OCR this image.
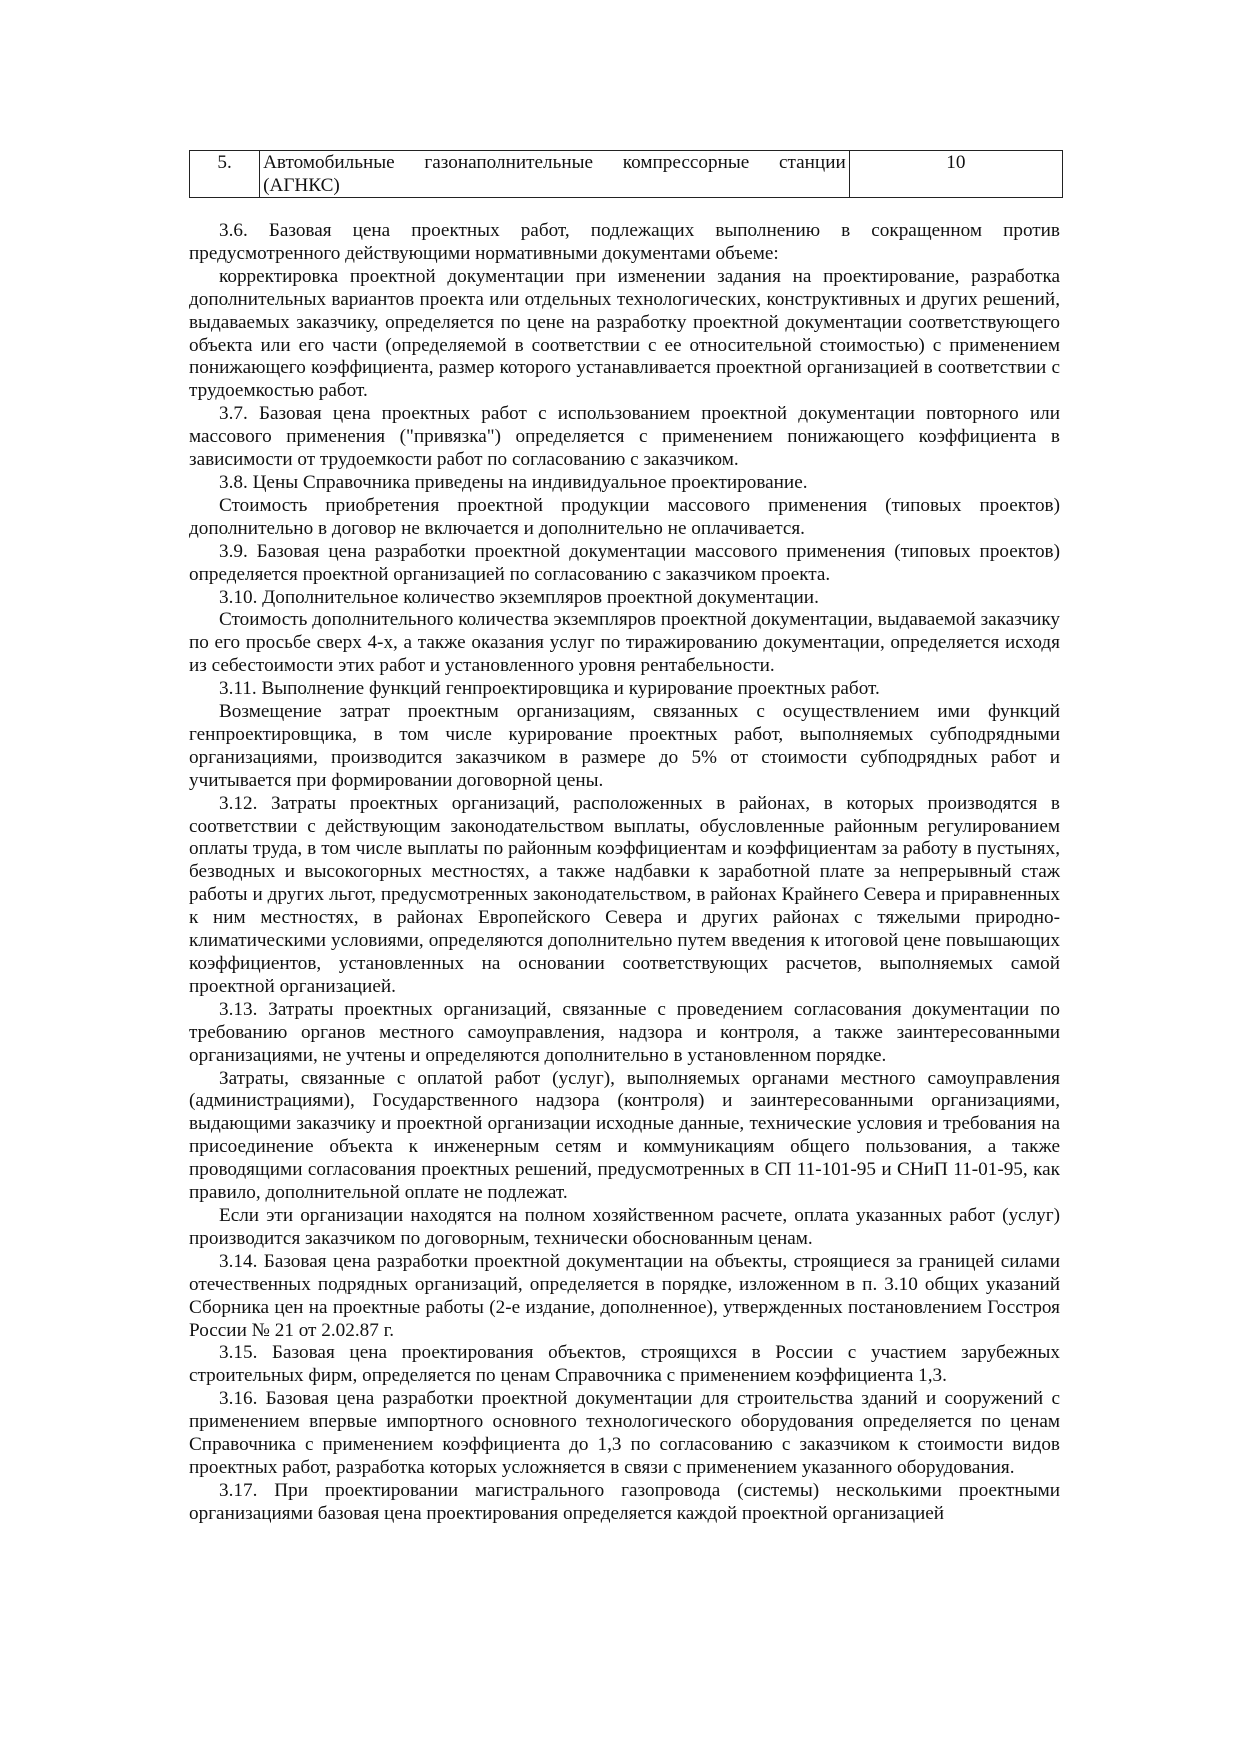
5.	Автомобильные газонаполнительные компрессорные станции (АГНКС)	10

3.6. Базовая цена проектных работ, подлежащих выполнению в сокращенном против предусмотренного действующими нормативными документами объеме:

корректировка проектной документации при изменении задания на проектирование, разработка дополнительных вариантов проекта или отдельных технологических, конструктивных и других решений, выдаваемых заказчику, определяется по цене на разработку проектной документации соответствующего объекта или его части (определяемой в соответствии с ее относительной стоимостью) с применением понижающего коэффициента, размер которого устанавливается проектной организацией в соответствии с трудоемкостью работ.

3.7. Базовая цена проектных работ с использованием проектной документации повторного или массового применения ("привязка") определяется с применением понижающего коэффициента в зависимости от трудоемкости работ по согласованию с заказчиком.

3.8. Цены Справочника приведены на индивидуальное проектирование.

Стоимость приобретения проектной продукции массового применения (типовых проектов) дополнительно в договор не включается и дополнительно не оплачивается.

3.9. Базовая цена разработки проектной документации массового применения (типовых проектов) определяется проектной организацией по согласованию с заказчиком проекта.

3.10. Дополнительное количество экземпляров проектной документации.

Стоимость дополнительного количества экземпляров проектной документации, выдаваемой заказчику по его просьбе сверх 4-х, а также оказания услуг по тиражированию документации, определяется исходя из себестоимости этих работ и установленного уровня рентабельности.

3.11. Выполнение функций генпроектировщика и курирование проектных работ.

Возмещение затрат проектным организациям, связанных с осуществлением ими функций генпроектировщика, в том числе курирование проектных работ, выполняемых субподрядными организациями, производится заказчиком в размере до 5% от стоимости субподрядных работ и учитывается при формировании договорной цены.

3.12. Затраты проектных организаций, расположенных в районах, в которых производятся в соответствии с действующим законодательством выплаты, обусловленные районным регулированием оплаты труда, в том числе выплаты по районным коэффициентам и коэффициентам за работу в пустынях, безводных и высокогорных местностях, а также надбавки к заработной плате за непрерывный стаж работы и других льгот, предусмотренных законодательством, в районах Крайнего Севера и приравненных к ним местностях, в районах Европейского Севера и других районах с тяжелыми природно-климатическими условиями, определяются дополнительно путем введения к итоговой цене повышающих коэффициентов, установленных на основании соответствующих расчетов, выполняемых самой проектной организацией.

3.13. Затраты проектных организаций, связанные с проведением согласования документации по требованию органов местного самоуправления, надзора и контроля, а также заинтересованными организациями, не учтены и определяются дополнительно в установленном порядке.

Затраты, связанные с оплатой работ (услуг), выполняемых органами местного самоуправления (администрациями), Государственного надзора (контроля) и заинтересованными организациями, выдающими заказчику и проектной организации исходные данные, технические условия и требования на присоединение объекта к инженерным сетям и коммуникациям общего пользования, а также проводящими согласования проектных решений, предусмотренных в СП 11-101-95 и СНиП 11-01-95, как правило, дополнительной оплате не подлежат.

Если эти организации находятся на полном хозяйственном расчете, оплата указанных работ (услуг) производится заказчиком по договорным, технически обоснованным ценам.

3.14. Базовая цена разработки проектной документации на объекты, строящиеся за границей силами отечественных подрядных организаций, определяется в порядке, изложенном в п. 3.10 общих указаний Сборника цен на проектные работы (2-е издание, дополненное), утвержденных постановлением Госстроя России № 21 от 2.02.87 г.

3.15. Базовая цена проектирования объектов, строящихся в России с участием зарубежных строительных фирм, определяется по ценам Справочника с применением коэффициента 1,3.

3.16. Базовая цена разработки проектной документации для строительства зданий и сооружений с применением впервые импортного основного технологического оборудования определяется по ценам Справочника с применением коэффициента до 1,3 по согласованию с заказчиком к стоимости видов проектных работ, разработка которых усложняется в связи с применением указанного оборудования.

3.17. При проектировании магистрального газопровода (системы) несколькими проектными организациями базовая цена проектирования определяется каждой проектной организацией
